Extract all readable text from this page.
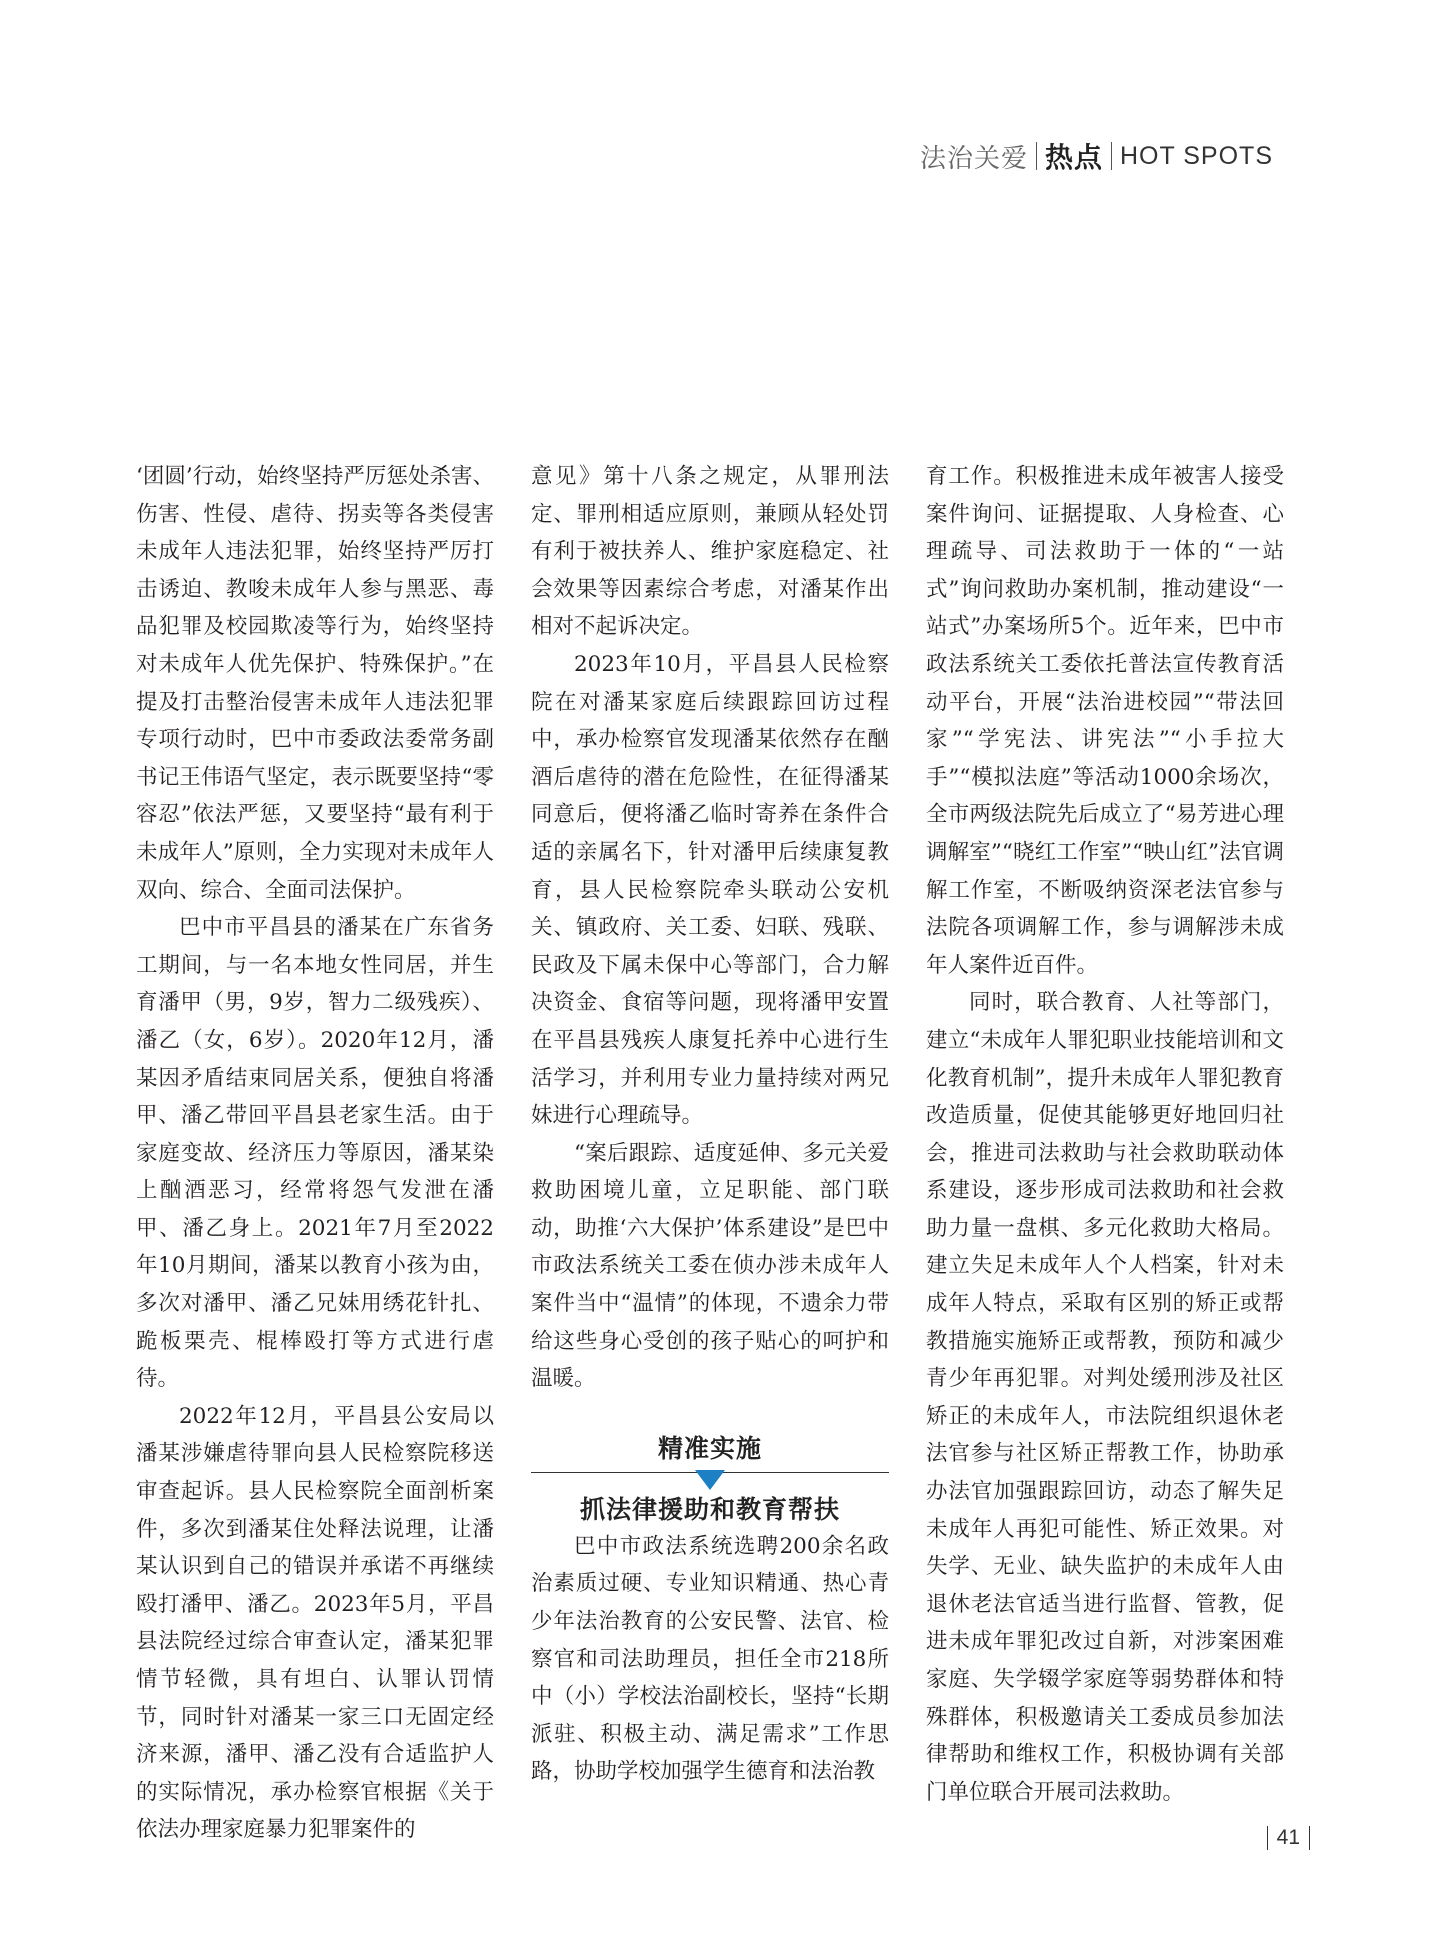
法治关爱 热点 HOT SPOTS

‘团圆’行动，始终坚持严厉惩处杀害、伤害、性侵、虐待、拐卖等各类侵害未成年人违法犯罪，始终坚持严厉打击诱迫、教唆未成年人参与黑恶、毒品犯罪及校园欺凌等行为，始终坚持对未成年人优先保护、特殊保护。”在提及打击整治侵害未成年人违法犯罪专项行动时，巴中市委政法委常务副书记王伟语气坚定，表示既要坚持“零容忍”依法严惩，又要坚持“最有利于未成年人”原则，全力实现对未成年人双向、综合、全面司法保护。

巴中市平昌县的潘某在广东省务工期间，与一名本地女性同居，并生育潘甲（男，9岁，智力二级残疾）、潘乙（女，6岁）。2020年12月，潘某因矛盾结束同居关系，便独自将潘甲、潘乙带回平昌县老家生活。由于家庭变故、经济压力等原因，潘某染上酗酒恶习，经常将怨气发泄在潘甲、潘乙身上。2021年7月至2022年10月期间，潘某以教育小孩为由，多次对潘甲、潘乙兄妹用绣花针扎、跪板栗壳、棍棒殴打等方式进行虐待。

2022年12月，平昌县公安局以潘某涉嫌虐待罪向县人民检察院移送审查起诉。县人民检察院全面剖析案件，多次到潘某住处释法说理，让潘某认识到自己的错误并承诺不再继续殴打潘甲、潘乙。2023年5月，平昌县法院经过综合审查认定，潘某犯罪情节轻微，具有坦白、认罪认罚情节，同时针对潘某一家三口无固定经济来源，潘甲、潘乙没有合适监护人的实际情况，承办检察官根据《关于依法办理家庭暴力犯罪案件的

意见》第十八条之规定，从罪刑法定、罪刑相适应原则，兼顾从轻处罚有利于被扶养人、维护家庭稳定、社会效果等因素综合考虑，对潘某作出相对不起诉决定。

2023年10月，平昌县人民检察院在对潘某家庭后续跟踪回访过程中，承办检察官发现潘某依然存在酗酒后虐待的潜在危险性，在征得潘某同意后，便将潘乙临时寄养在条件合适的亲属名下，针对潘甲后续康复教育，县人民检察院牵头联动公安机关、镇政府、关工委、妇联、残联、民政及下属未保中心等部门，合力解决资金、食宿等问题，现将潘甲安置在平昌县残疾人康复托养中心进行生活学习，并利用专业力量持续对两兄妹进行心理疏导。

“案后跟踪、适度延伸、多元关爱救助困境儿童，立足职能、部门联动，助推‘六大保护’体系建设”是巴中市政法系统关工委在侦办涉未成年人案件当中“温情”的体现，不遗余力带给这些身心受创的孩子贴心的呵护和温暖。

精准实施
抓法律援助和教育帮扶

巴中市政法系统选聘200余名政治素质过硬、专业知识精通、热心青少年法治教育的公安民警、法官、检察官和司法助理员，担任全市218所中（小）学校法治副校长，坚持“长期派驻、积极主动、满足需求”工作思路，协助学校加强学生德育和法治教

育工作。积极推进未成年被害人接受案件询问、证据提取、人身检查、心理疏导、司法救助于一体的“一站式”询问救助办案机制，推动建设“一站式”办案场所5个。近年来，巴中市政法系统关工委依托普法宣传教育活动平台，开展“法治进校园”“带法回家”“学宪法、讲宪法”“小手拉大手”“模拟法庭”等活动1000余场次，全市两级法院先后成立了“易芳进心理调解室”“晓红工作室”“映山红”法官调解工作室，不断吸纳资深老法官参与法院各项调解工作，参与调解涉未成年人案件近百件。

同时，联合教育、人社等部门，建立“未成年人罪犯职业技能培训和文化教育机制”，提升未成年人罪犯教育改造质量，促使其能够更好地回归社会，推进司法救助与社会救助联动体系建设，逐步形成司法救助和社会救助力量一盘棋、多元化救助大格局。建立失足未成年人个人档案，针对未成年人特点，采取有区别的矫正或帮教措施实施矫正或帮教，预防和减少青少年再犯罪。对判处缓刑涉及社区矫正的未成年人，市法院组织退休老法官参与社区矫正帮教工作，协助承办法官加强跟踪回访，动态了解失足未成年人再犯可能性、矫正效果。对失学、无业、缺失监护的未成年人由退休老法官适当进行监督、管教，促进未成年罪犯改过自新，对涉案困难家庭、失学辍学家庭等弱势群体和特殊群体，积极邀请关工委成员参加法律帮助和维权工作，积极协调有关部门单位联合开展司法救助。

41
